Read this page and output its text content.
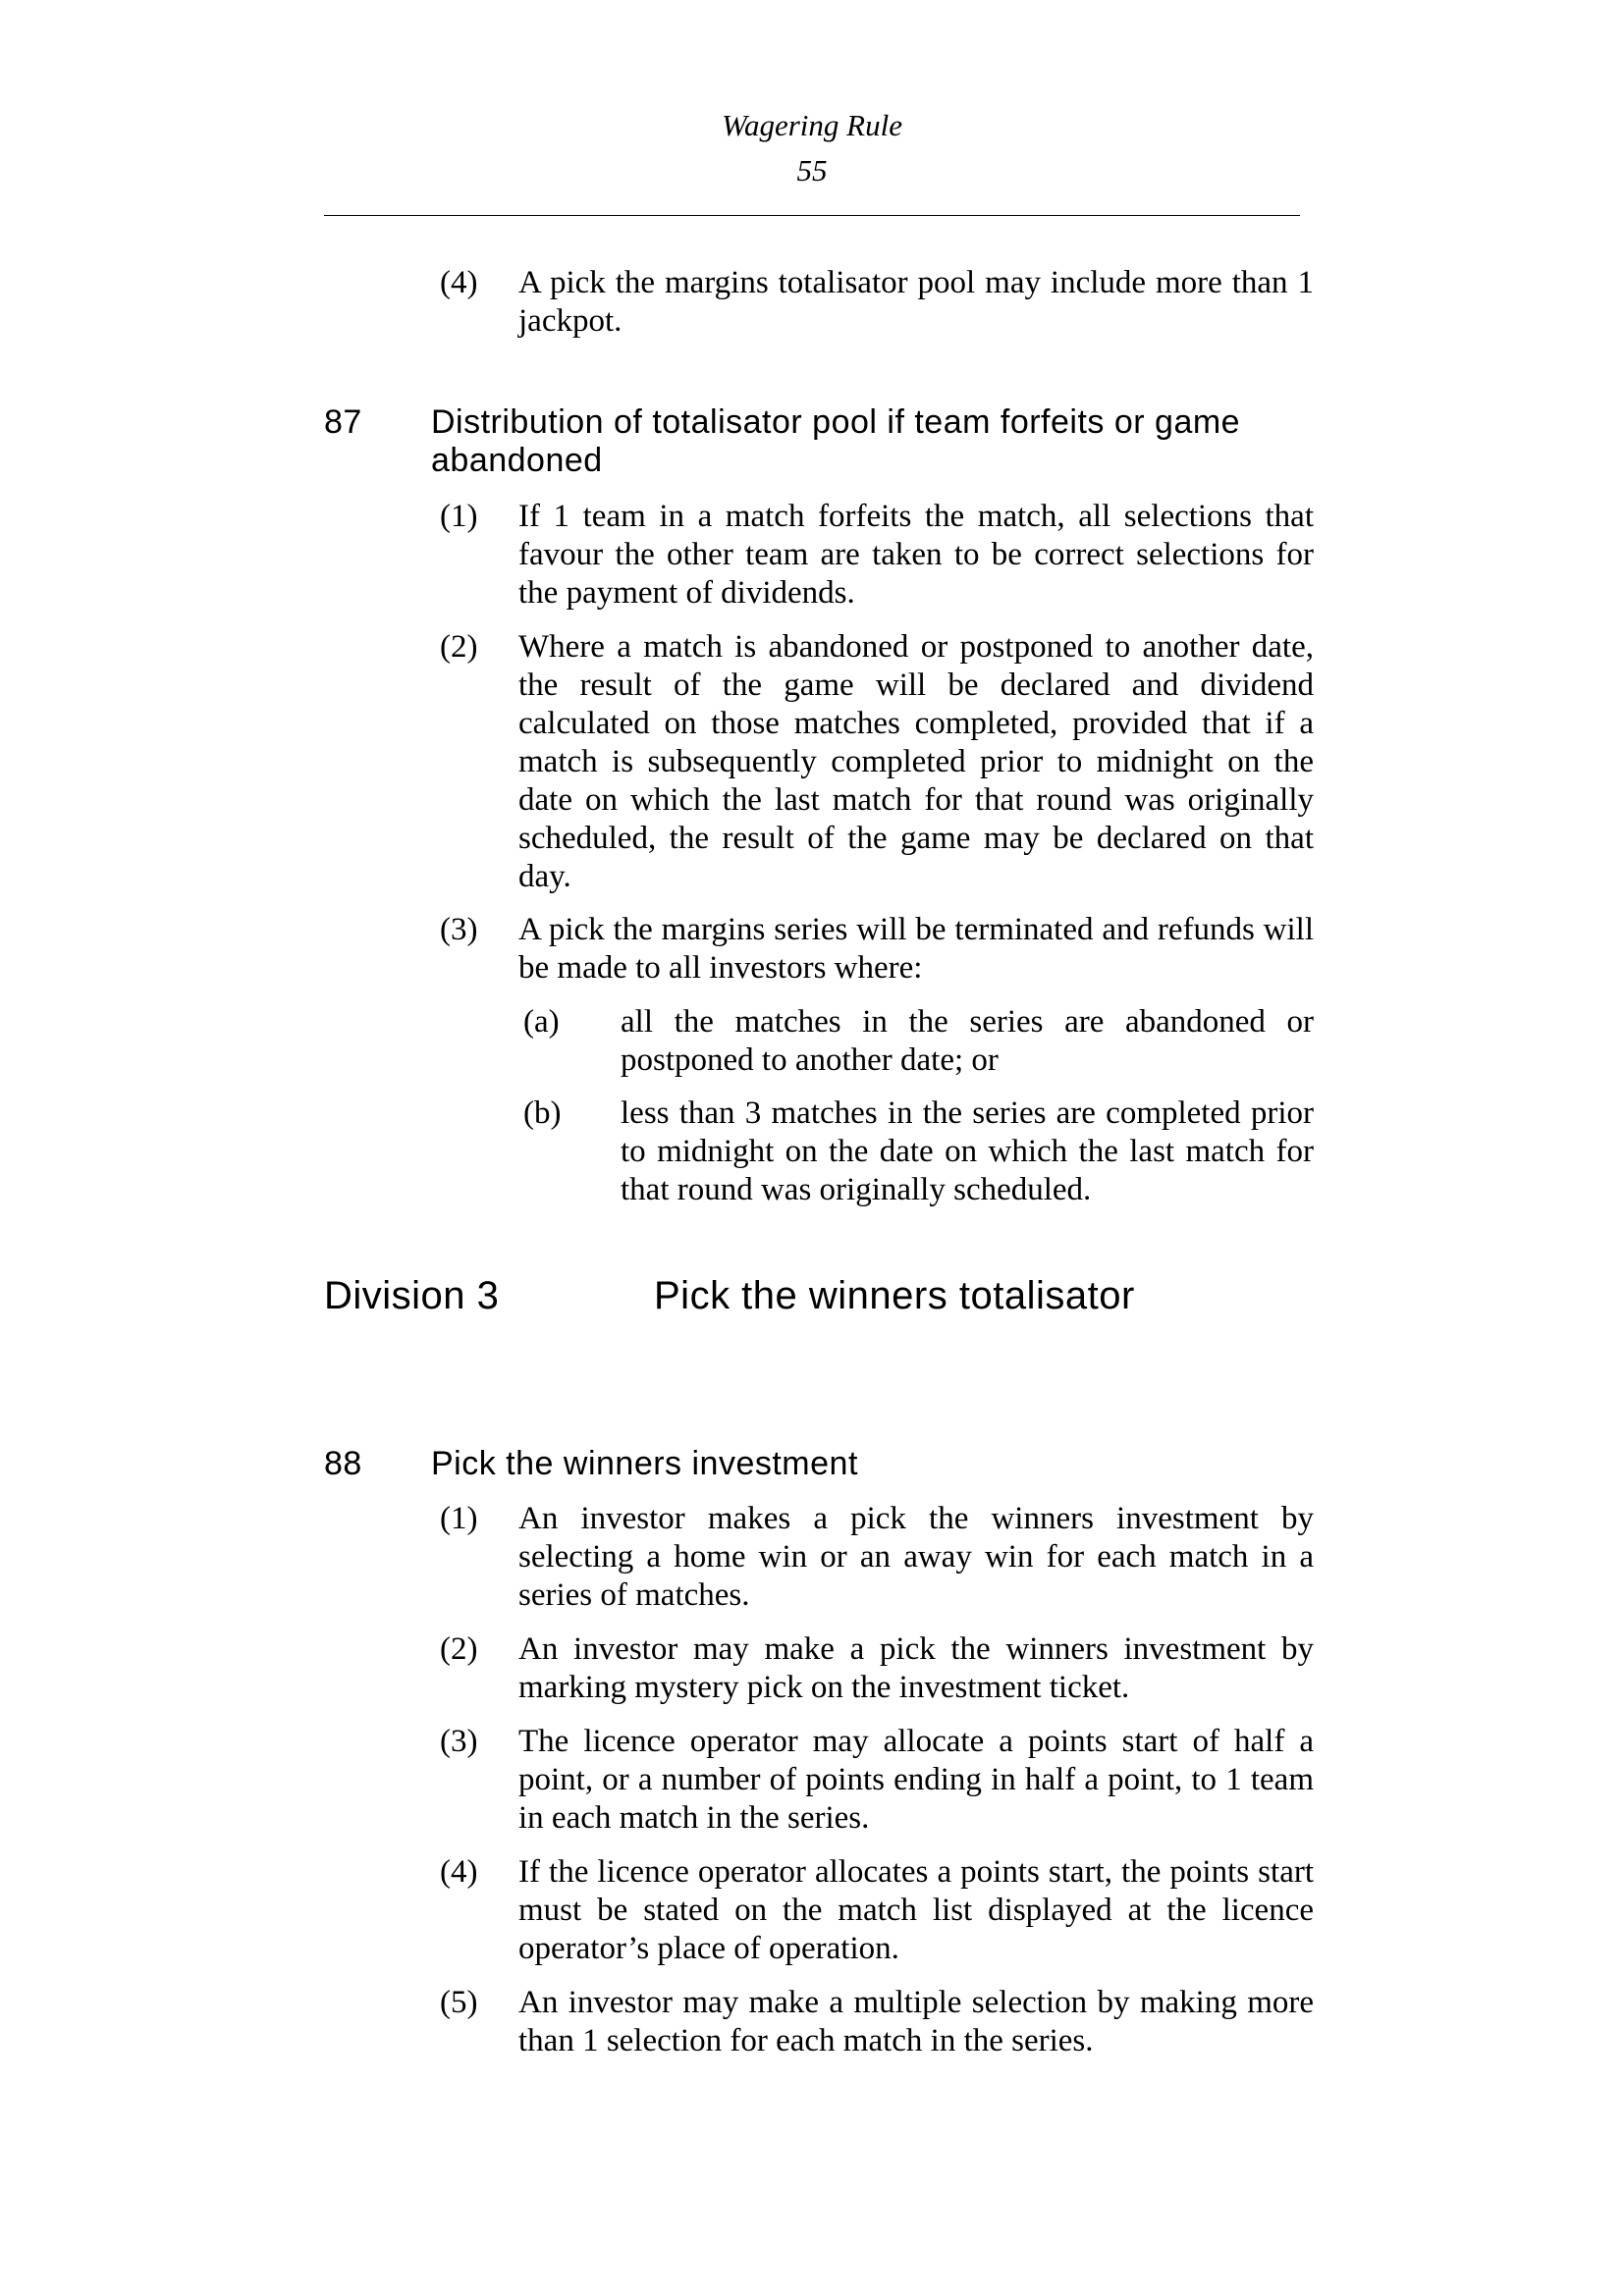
Wagering Rule
55
(4) A pick the margins totalisator pool may include more than 1 jackpot.
87 Distribution of totalisator pool if team forfeits or game abandoned
(1) If 1 team in a match forfeits the match, all selections that favour the other team are taken to be correct selections for the payment of dividends.
(2) Where a match is abandoned or postponed to another date, the result of the game will be declared and dividend calculated on those matches completed, provided that if a match is subsequently completed prior to midnight on the date on which the last match for that round was originally scheduled, the result of the game may be declared on that day.
(3) A pick the margins series will be terminated and refunds will be made to all investors where:
(a) all the matches in the series are abandoned or postponed to another date; or
(b) less than 3 matches in the series are completed prior to midnight on the date on which the last match for that round was originally scheduled.
Division 3	Pick the winners totalisator
88 Pick the winners investment
(1) An investor makes a pick the winners investment by selecting a home win or an away win for each match in a series of matches.
(2) An investor may make a pick the winners investment by marking mystery pick on the investment ticket.
(3) The licence operator may allocate a points start of half a point, or a number of points ending in half a point, to 1 team in each match in the series.
(4) If the licence operator allocates a points start, the points start must be stated on the match list displayed at the licence operator’s place of operation.
(5) An investor may make a multiple selection by making more than 1 selection for each match in the series.
